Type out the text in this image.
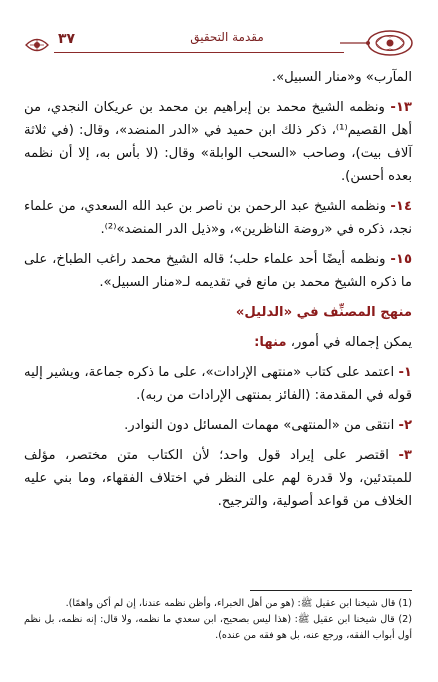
مقدمة التحقيق
٣٧

المآرب» و«منار السبيل».

١٣- ونظمه الشيخ محمد بن إبراهيم بن محمد بن عريكان النجدي، من أهل القصيم⁽¹⁾، ذكر ذلك ابن حميد في «الدر المنضد»، وقال: (في ثلاثة آلاف بيت)، وصاحب «السحب الوابلة» وقال: (لا بأس به، إلا أن نظمه بعده أحسن).

١٤- ونظمه الشيخ عبد الرحمن بن ناصر بن عبد الله السعدي، من علماء نجد، ذكره في «روضة الناظرين»، و«ذيل الدر المنضد»⁽²⁾.

١٥- ونظمه أيضًا أحد علماء حلب؛ قاله الشيخ محمد راغب الطباخ، على ما ذكره الشيخ محمد بن مانع في تقديمه لـ«منار السبيل».

منهج المصنِّف في «الدليل»

يمكن إجماله في أمور، منها:

١- اعتمد على كتاب «منتهى الإرادات»، على ما ذكره جماعة، ويشير إليه قوله في المقدمة: (الفائز بمنتهى الإرادات من ربه).

٢- انتقى من «المنتهى» مهمات المسائل دون النوادر.

٣- اقتصر على إيراد قول واحد؛ لأن الكتاب متن مختصر، مؤلف للمبتدئين، ولا قدرة لهم على النظر في اختلاف الفقهاء، وما بني عليه الخلاف من قواعد أصولية، والترجيح.

(1) قال شيخنا ابن عقيل ﷺ: (هو من أهل الخبراء، وأظن نظمه عندنا، إن لم أكن واهمًا).

(2) قال شيخنا ابن عقيل ﷺ: (هذا ليس بصحيح، ابن سعدي ما نظمه، ولا قال: إنه نظمه، بل نظم أول أبواب الفقه، ورجع عنه، بل هو فقه من عنده).
